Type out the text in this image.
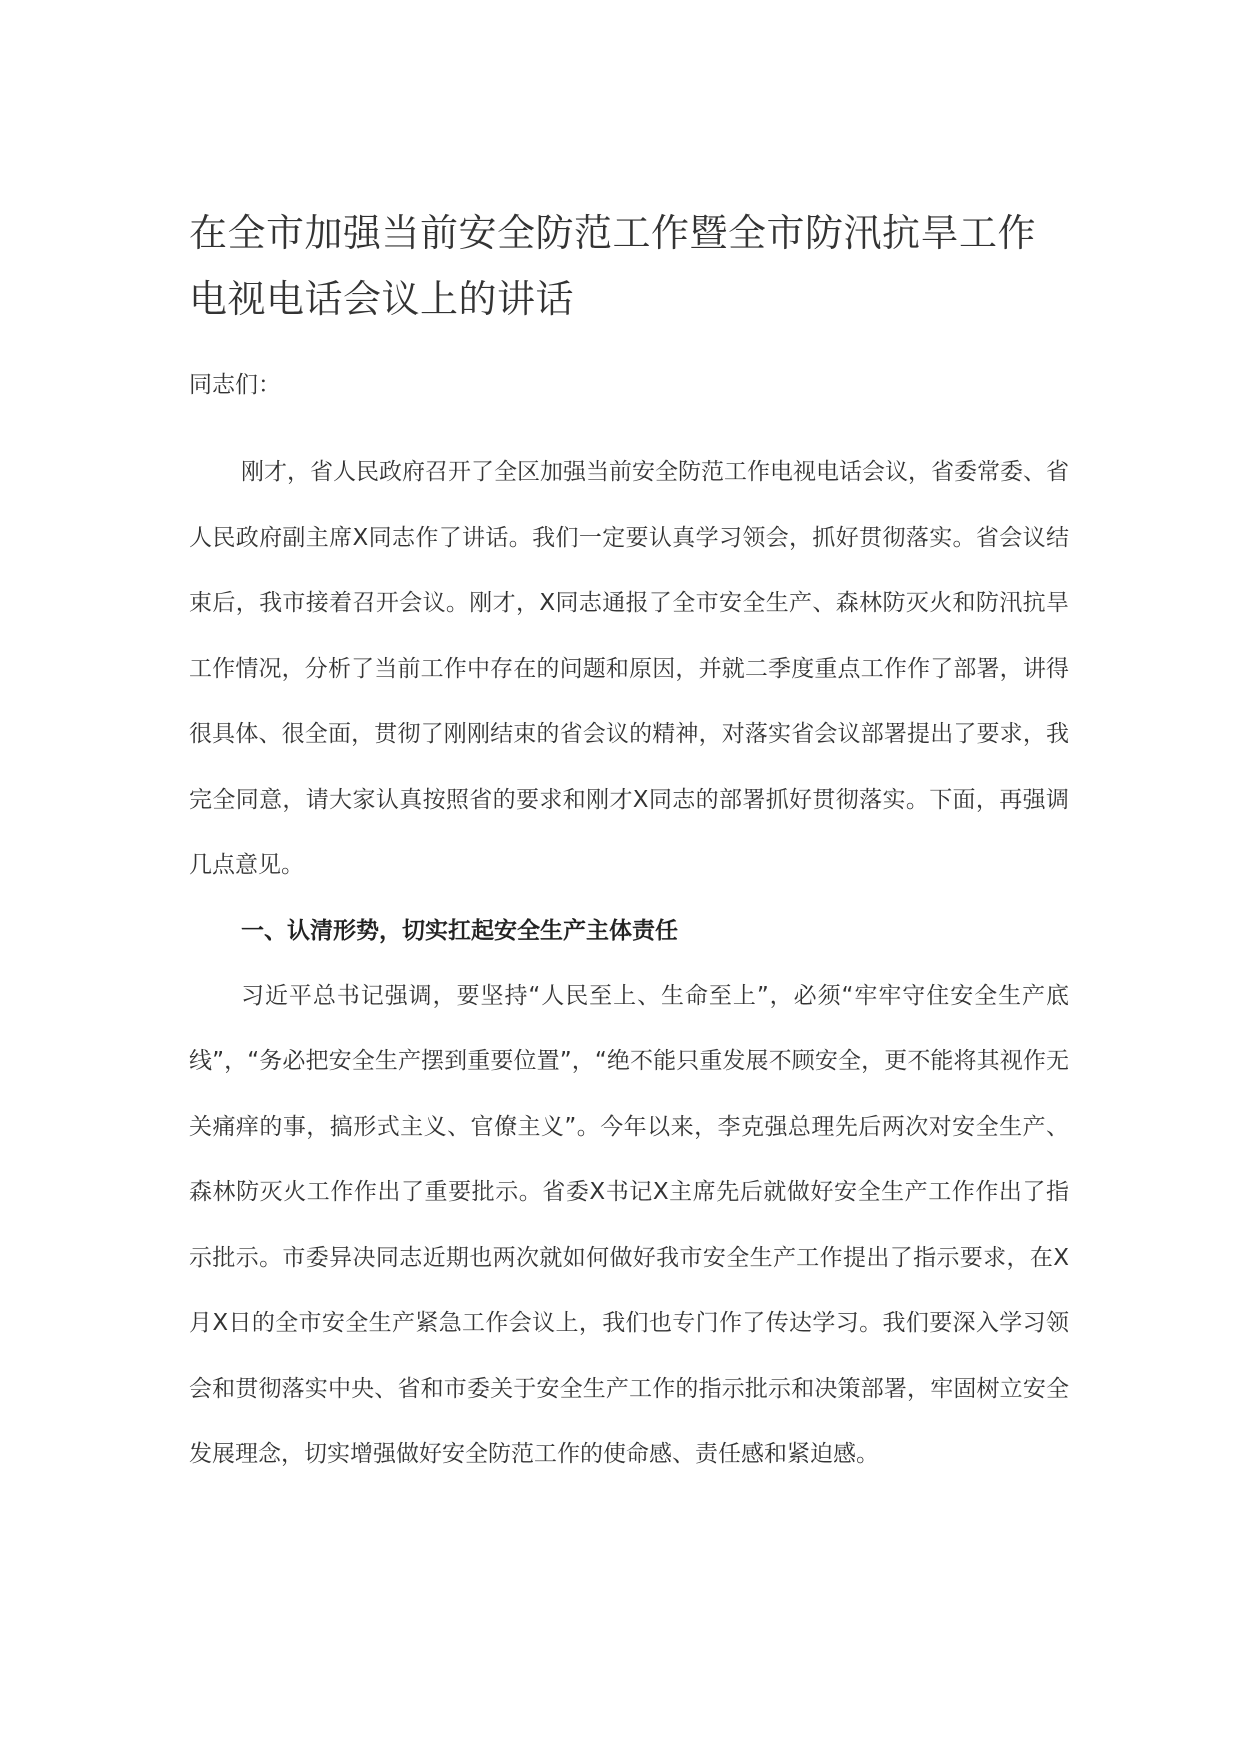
在全市加强当前安全防范工作暨全市防汛抗旱工作电视电话会议上的讲话

同志们：

刚才，省人民政府召开了全区加强当前安全防范工作电视电话会议，省委常委、省人民政府副主席X同志作了讲话。我们一定要认真学习领会，抓好贯彻落实。省会议结束后，我市接着召开会议。刚才，X同志通报了全市安全生产、森林防灭火和防汛抗旱工作情况，分析了当前工作中存在的问题和原因，并就二季度重点工作作了部署，讲得很具体、很全面，贯彻了刚刚结束的省会议的精神，对落实省会议部署提出了要求，我完全同意，请大家认真按照省的要求和刚才X同志的部署抓好贯彻落实。下面，再强调几点意见。

一、认清形势，切实扛起安全生产主体责任

习近平总书记强调，要坚持“人民至上、生命至上”，必须“牢牢守住安全生产底线”，“务必把安全生产摆到重要位置”，“绝不能只重发展不顾安全，更不能将其视作无关痛痒的事，搞形式主义、官僚主义”。今年以来，李克强总理先后两次对安全生产、森林防灭火工作作出了重要批示。省委X书记X主席先后就做好安全生产工作作出了指示批示。市委异决同志近期也两次就如何做好我市安全生产工作提出了指示要求，在X月X日的全市安全生产紧急工作会议上，我们也专门作了传达学习。我们要深入学习领会和贯彻落实中央、省和市委关于安全生产工作的指示批示和决策部署，牢固树立安全发展理念，切实增强做好安全防范工作的使命感、责任感和紧迫感。
